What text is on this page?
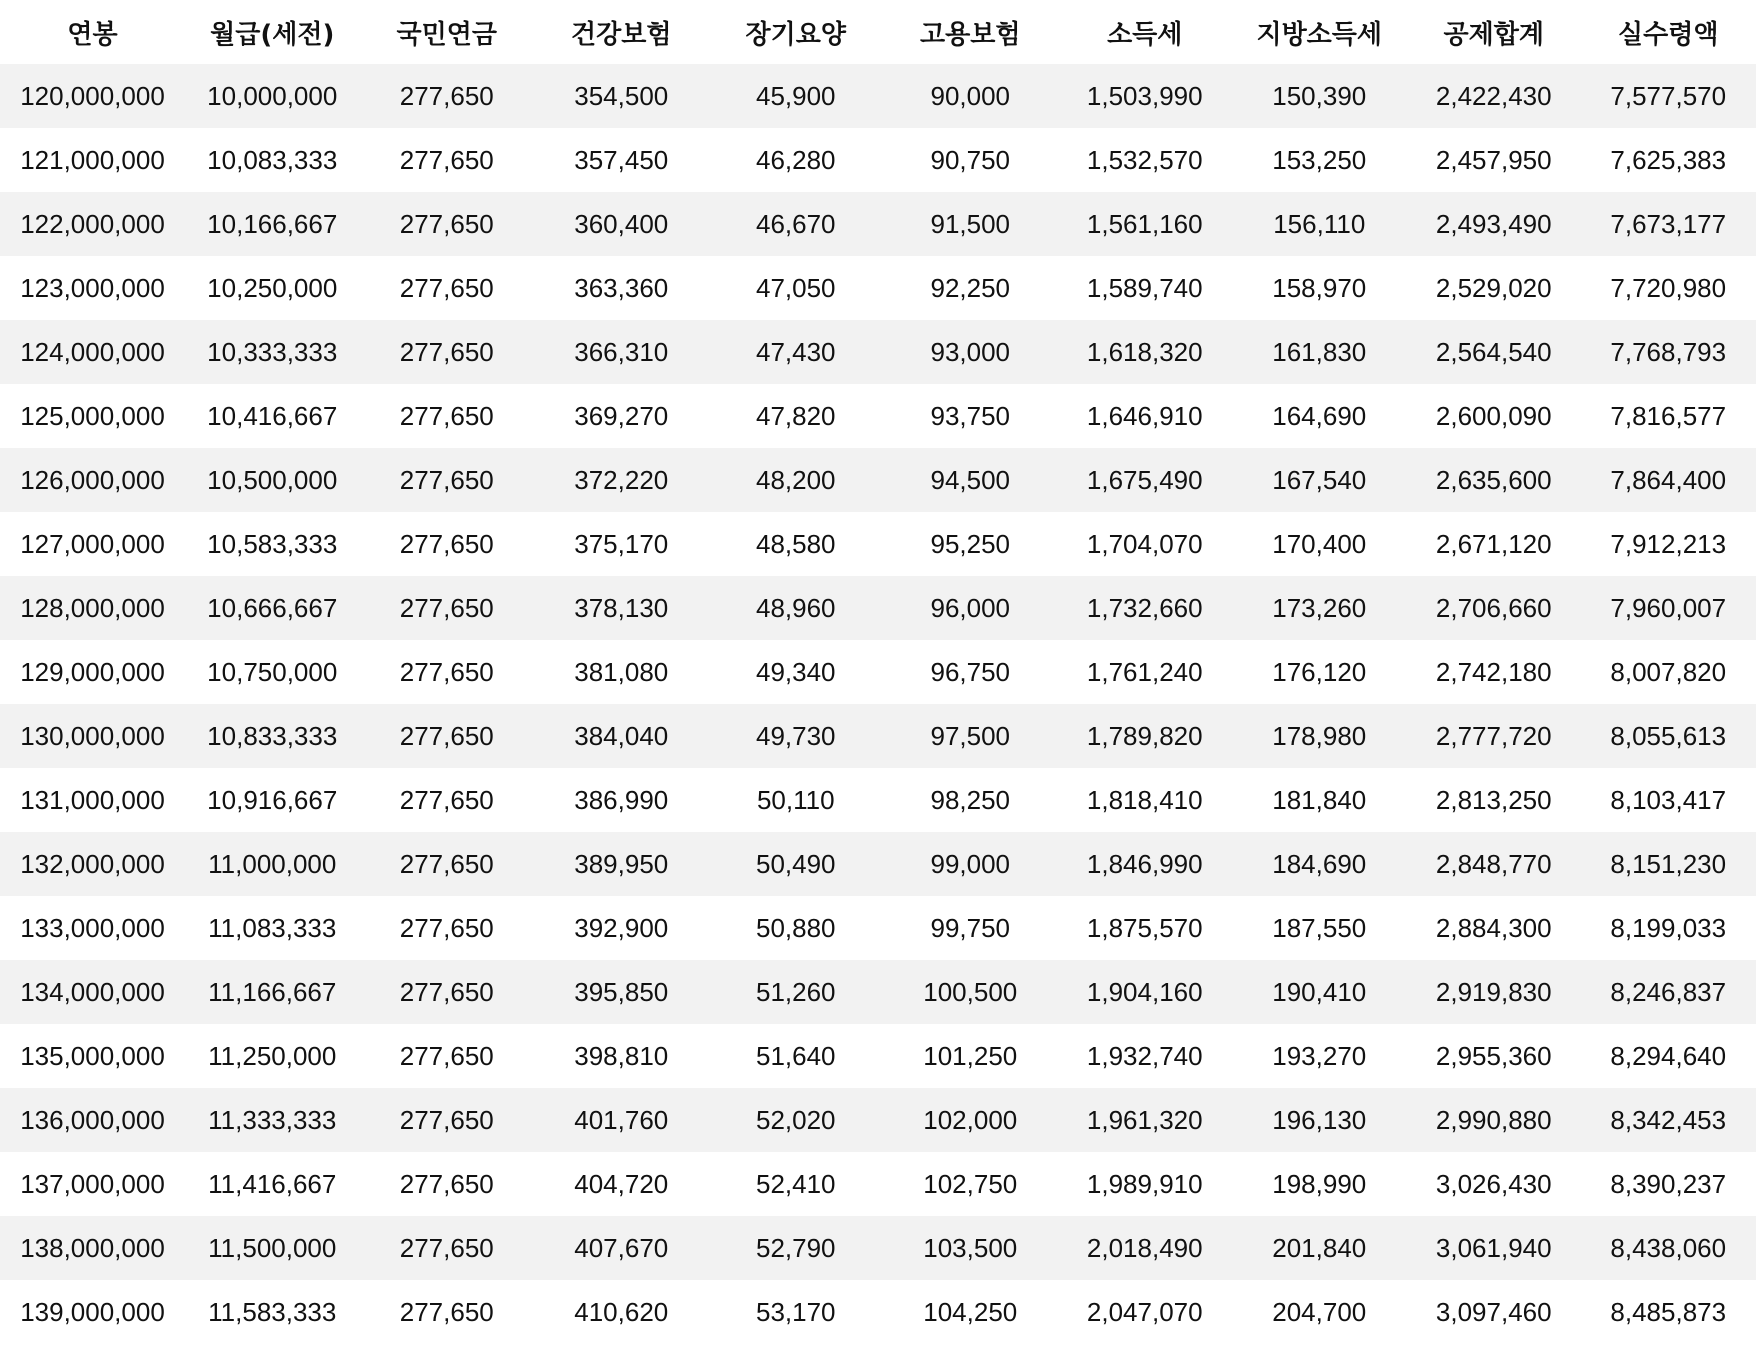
연봉	월급(세전)	국민연금	건강보험	장기요양	고용보험	소득세	지방소득세	공제합계	실수령액
120,000,000	10,000,000	277,650	354,500	45,900	90,000	1,503,990	150,390	2,422,430	7,577,570
121,000,000	10,083,333	277,650	357,450	46,280	90,750	1,532,570	153,250	2,457,950	7,625,383
122,000,000	10,166,667	277,650	360,400	46,670	91,500	1,561,160	156,110	2,493,490	7,673,177
123,000,000	10,250,000	277,650	363,360	47,050	92,250	1,589,740	158,970	2,529,020	7,720,980
124,000,000	10,333,333	277,650	366,310	47,430	93,000	1,618,320	161,830	2,564,540	7,768,793
125,000,000	10,416,667	277,650	369,270	47,820	93,750	1,646,910	164,690	2,600,090	7,816,577
126,000,000	10,500,000	277,650	372,220	48,200	94,500	1,675,490	167,540	2,635,600	7,864,400
127,000,000	10,583,333	277,650	375,170	48,580	95,250	1,704,070	170,400	2,671,120	7,912,213
128,000,000	10,666,667	277,650	378,130	48,960	96,000	1,732,660	173,260	2,706,660	7,960,007
129,000,000	10,750,000	277,650	381,080	49,340	96,750	1,761,240	176,120	2,742,180	8,007,820
130,000,000	10,833,333	277,650	384,040	49,730	97,500	1,789,820	178,980	2,777,720	8,055,613
131,000,000	10,916,667	277,650	386,990	50,110	98,250	1,818,410	181,840	2,813,250	8,103,417
132,000,000	11,000,000	277,650	389,950	50,490	99,000	1,846,990	184,690	2,848,770	8,151,230
133,000,000	11,083,333	277,650	392,900	50,880	99,750	1,875,570	187,550	2,884,300	8,199,033
134,000,000	11,166,667	277,650	395,850	51,260	100,500	1,904,160	190,410	2,919,830	8,246,837
135,000,000	11,250,000	277,650	398,810	51,640	101,250	1,932,740	193,270	2,955,360	8,294,640
136,000,000	11,333,333	277,650	401,760	52,020	102,000	1,961,320	196,130	2,990,880	8,342,453
137,000,000	11,416,667	277,650	404,720	52,410	102,750	1,989,910	198,990	3,026,430	8,390,237
138,000,000	11,500,000	277,650	407,670	52,790	103,500	2,018,490	201,840	3,061,940	8,438,060
139,000,000	11,583,333	277,650	410,620	53,170	104,250	2,047,070	204,700	3,097,460	8,485,873
